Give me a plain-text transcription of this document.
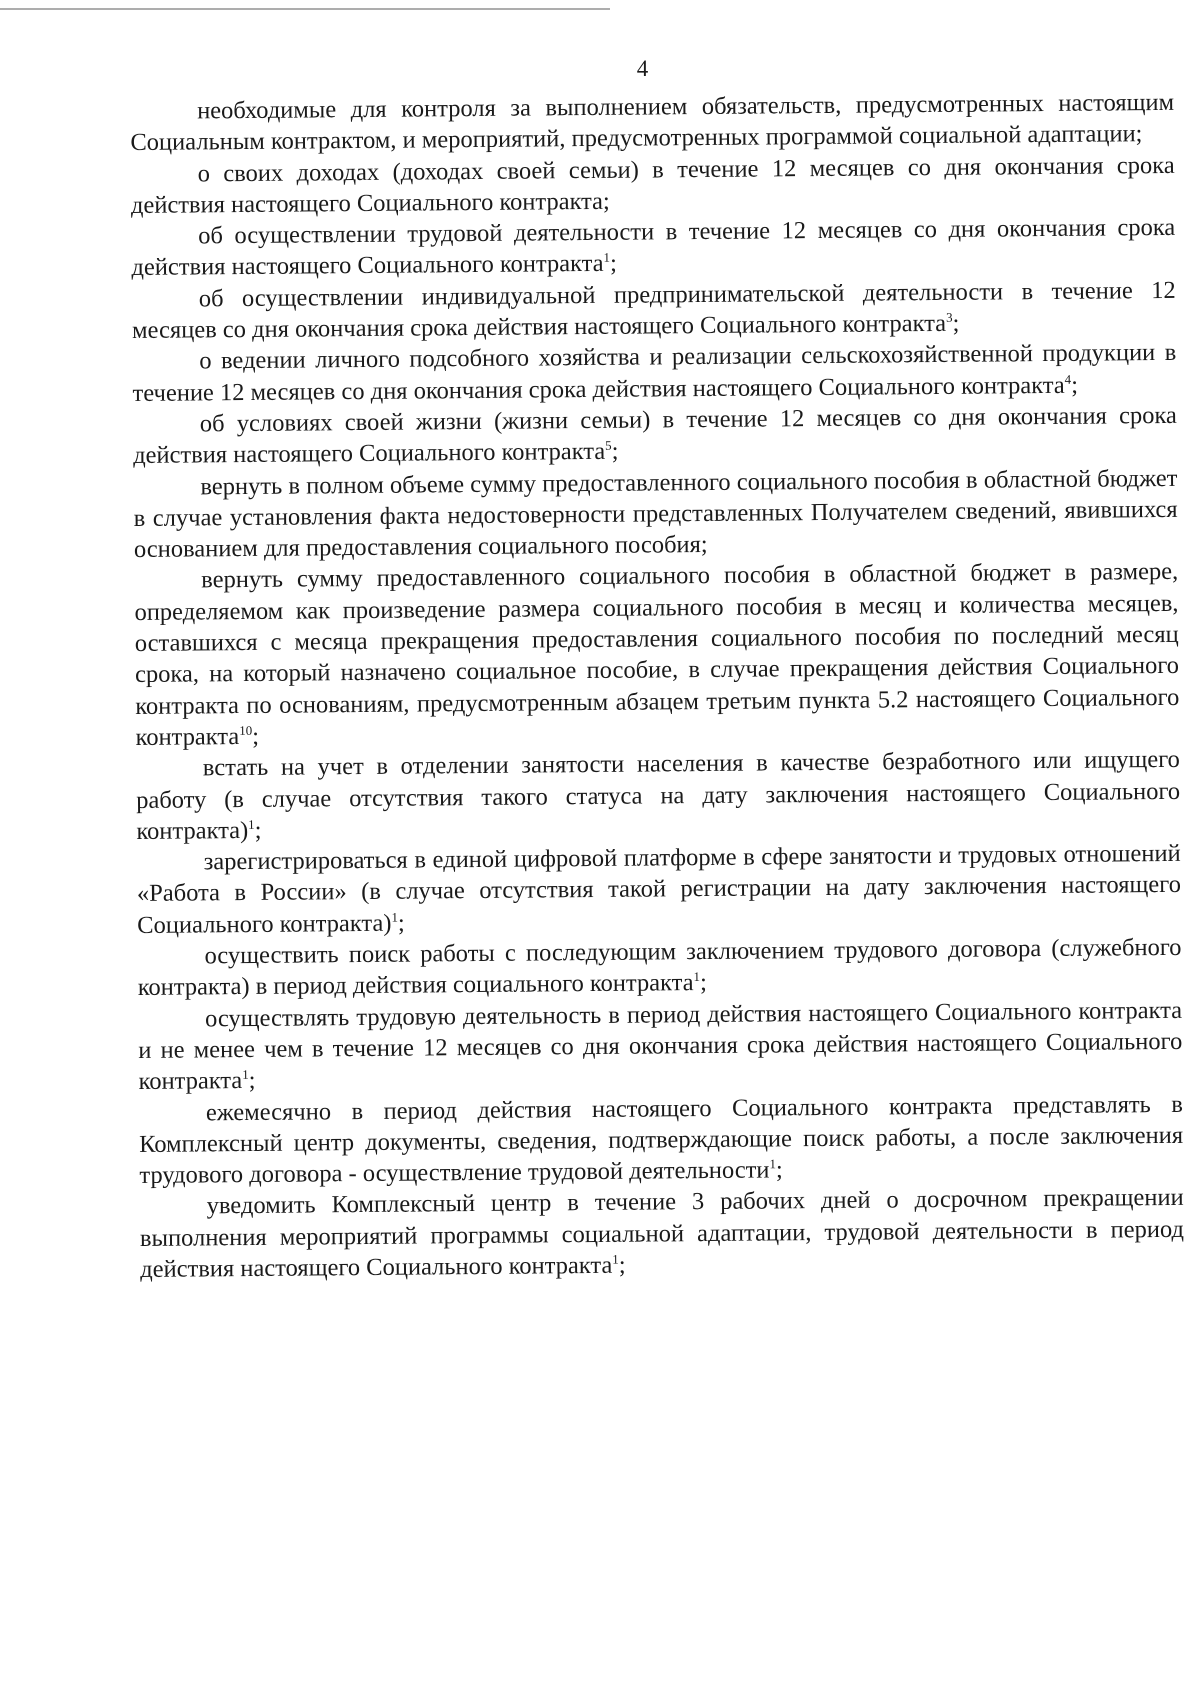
4

необходимые для контроля за выполнением обязательств, предусмотренных настоящим Социальным контрактом, и мероприятий, предусмотренных программой социальной адаптации;

о своих доходах (доходах своей семьи) в течение 12 месяцев со дня окончания срока действия настоящего Социального контракта;

об осуществлении трудовой деятельности в течение 12 месяцев со дня окончания срока действия настоящего Социального контракта$^1$;

об осуществлении индивидуальной предпринимательской деятельности в течение 12 месяцев со дня окончания срока действия настоящего Социального контракта$^3$;

о ведении личного подсобного хозяйства и реализации сельскохозяйственной продукции в течение 12 месяцев со дня окончания срока действия настоящего Социального контракта$^4$;

об условиях своей жизни (жизни семьи) в течение 12 месяцев со дня окончания срока действия настоящего Социального контракта$^5$;

вернуть в полном объеме сумму предоставленного социального пособия в областной бюджет в случае установления факта недостоверности представленных Получателем сведений, явившихся основанием для предоставления социального пособия;

вернуть сумму предоставленного социального пособия в областной бюджет в размере, определяемом как произведение размера социального пособия в месяц и количества месяцев, оставшихся с месяца прекращения предоставления социального пособия по последний месяц срока, на который назначено социальное пособие, в случае прекращения действия Социального контракта по основаниям, предусмотренным абзацем третьим пункта 5.2 настоящего Социального контракта$^{10}$;

встать на учет в отделении занятости населения в качестве безработного или ищущего работу (в случае отсутствия такого статуса на дату заключения настоящего Социального контракта)$^1$;

зарегистрироваться в единой цифровой платформе в сфере занятости и трудовых отношений «Работа в России» (в случае отсутствия такой регистрации на дату заключения настоящего Социального контракта)$^1$;

осуществить поиск работы с последующим заключением трудового договора (служебного контракта) в период действия социального контракта$^1$;

осуществлять трудовую деятельность в период действия настоящего Социального контракта и не менее чем в течение 12 месяцев со дня окончания срока действия настоящего Социального контракта$^1$;

ежемесячно в период действия настоящего Социального контракта представлять в Комплексный центр документы, сведения, подтверждающие поиск работы, а после заключения трудового договора - осуществление трудовой деятельности$^1$;

уведомить Комплексный центр в течение 3 рабочих дней о досрочном прекращении выполнения мероприятий программы социальной адаптации, трудовой деятельности в период действия настоящего Социального контракта$^1$;
